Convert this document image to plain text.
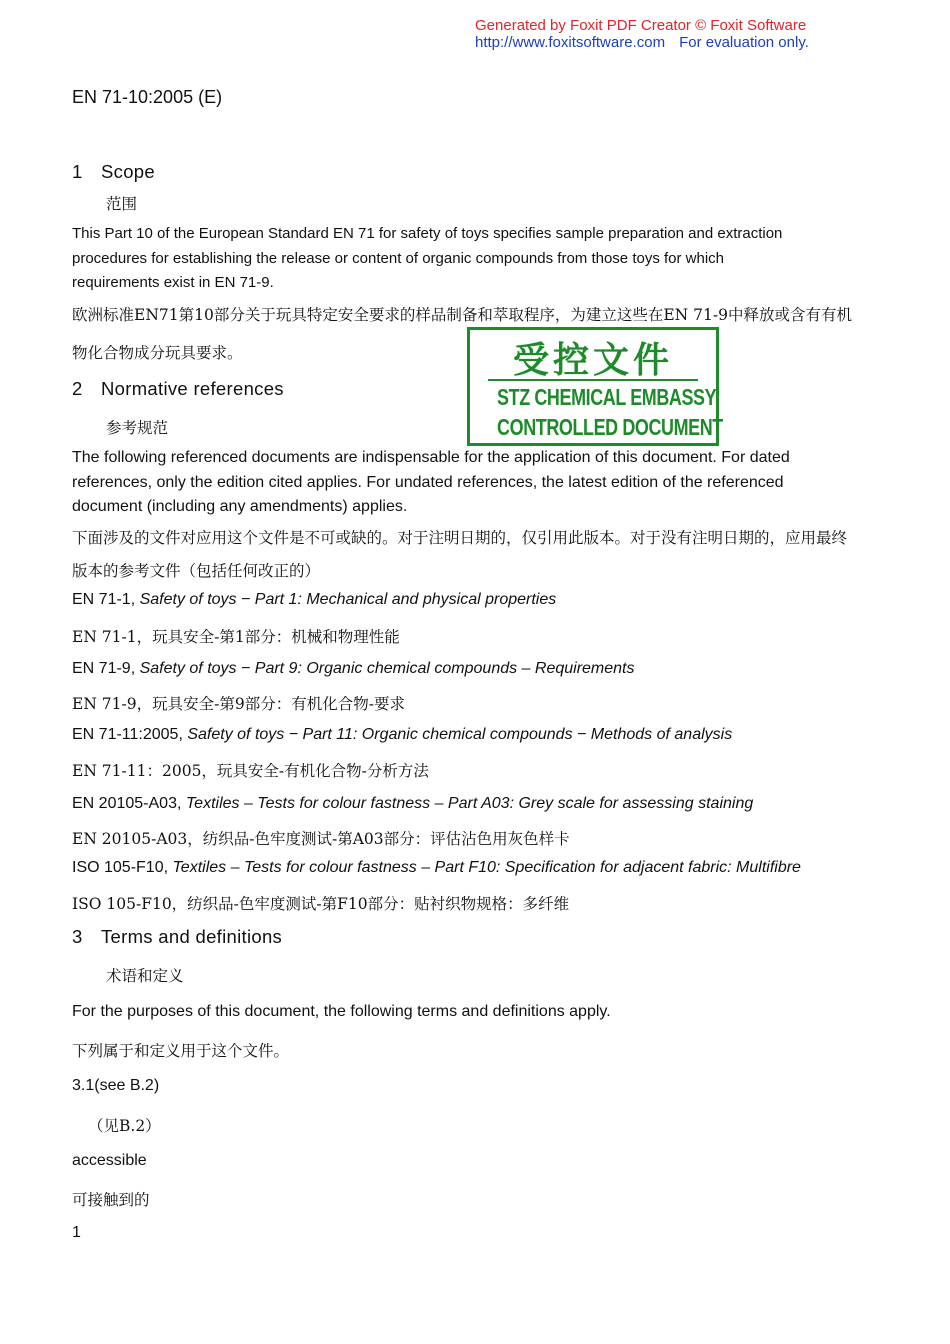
Generated by Foxit PDF Creator © Foxit Software
http://www.foxitsoftware.com For evaluation only.
EN 71-10:2005 (E)
1 Scope
范围
This Part 10 of the European Standard EN 71 for safety of toys specifies sample preparation and extraction
procedures for establishing the release or content of organic compounds from those toys for which
requirements exist in EN 71-9.
欧洲标准EN71第10部分关于玩具特定安全要求的样品制备和萃取程序，为建立这些在EN 71-9中释放或含有有机
物化合物成分玩具要求。	受控文件
STZ CHEMICAL EMBASSY
CONTROLLED DOCUMENT
2 Normative references
参考规范
The following referenced documents are indispensable for the application of this document. For dated
references, only the edition cited applies. For undated references, the latest edition of the referenced
document (including any amendments) applies.
下面涉及的文件对应用这个文件是不可或缺的。对于注明日期的，仅引用此版本。对于没有注明日期的，应用最终
版本的参考文件（包括任何改正的）
EN 71-1, Safety of toys − Part 1: Mechanical and physical properties
EN 71-1，玩具安全-第1部分：机械和物理性能
EN 71-9, Safety of toys − Part 9: Organic chemical compounds – Requirements
EN 71-9，玩具安全-第9部分：有机化合物-要求
EN 71-11:2005, Safety of toys − Part 11: Organic chemical compounds − Methods of analysis
EN 71-11：2005，玩具安全-有机化合物-分析方法
EN 20105-A03, Textiles – Tests for colour fastness – Part A03: Grey scale for assessing staining
EN 20105-A03，纺织品-色牢度测试-第A03部分：评估沾色用灰色样卡
ISO 105-F10, Textiles – Tests for colour fastness – Part F10: Specification for adjacent fabric: Multifibre
ISO 105-F10，纺织品-色牢度测试-第F10部分：贴衬织物规格：多纤维
3 Terms and definitions
术语和定义
For the purposes of this document, the following terms and definitions apply.
下列属于和定义用于这个文件。
3.1(see B.2)
（见B.2）
accessible
可接触到的
1
